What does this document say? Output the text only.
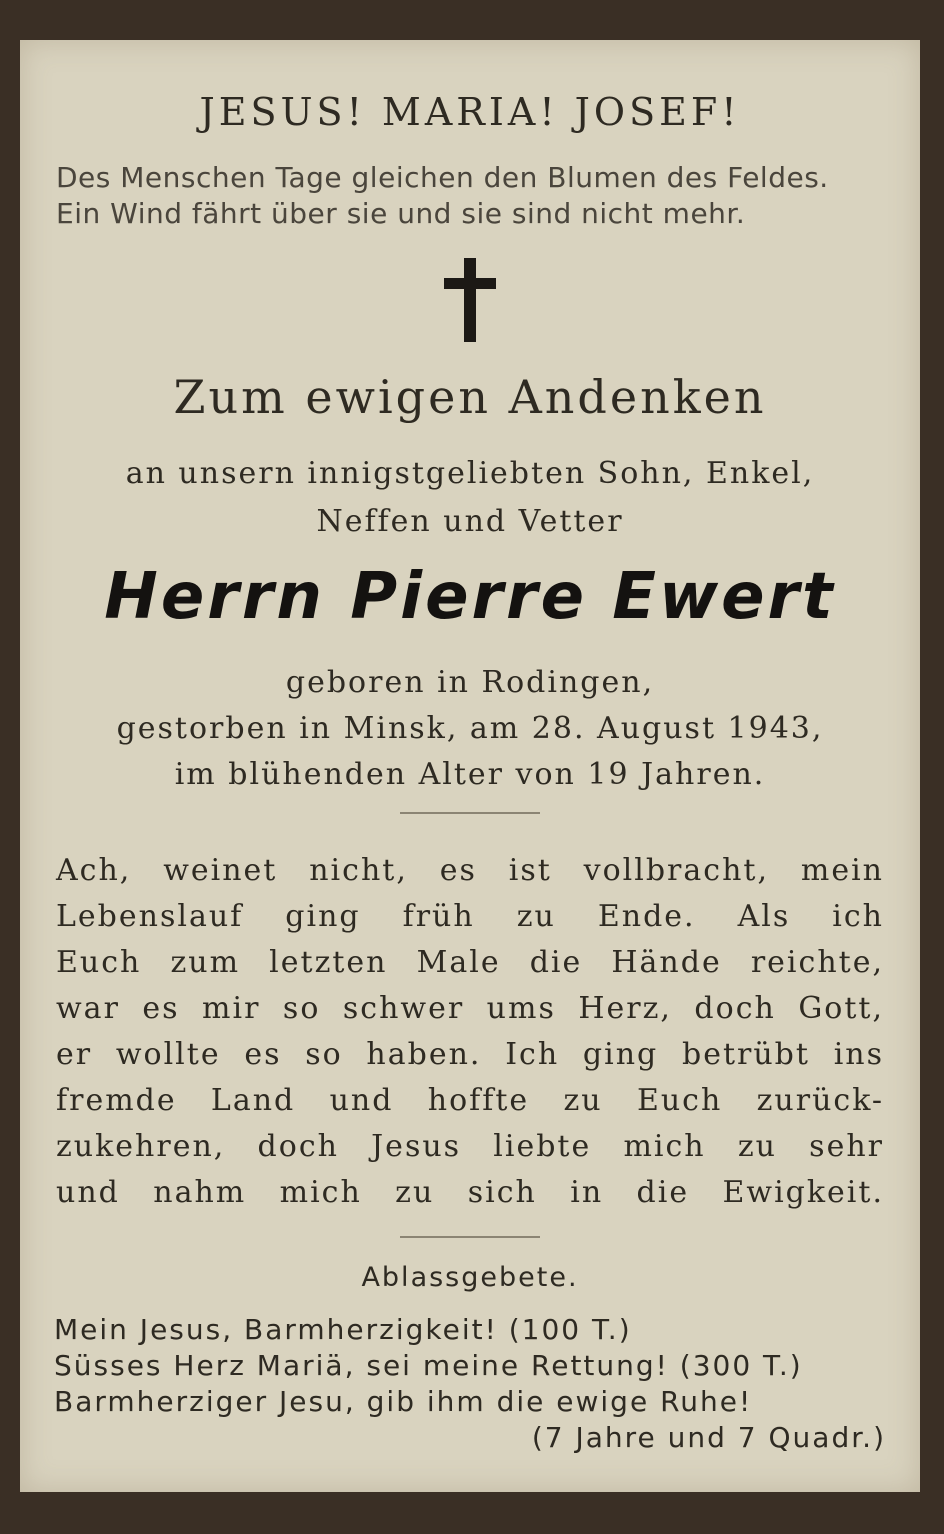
JESUS! MARIA! JOSEF!
Des Menschen Tage gleichen den Blumen des Feldes.
Ein Wind fährt über sie und sie sind nicht mehr.
Zum ewigen Andenken
an unsern innigstgeliebten Sohn, Enkel,
Neffen und Vetter
Herrn Pierre Ewert
geboren in Rodingen,
gestorben in Minsk, am 28. August 1943,
im blühenden Alter von 19 Jahren.
Ach, weinet nicht, es ist vollbracht, mein
Lebenslauf ging früh zu Ende. Als ich
Euch zum letzten Male die Hände reichte,
war es mir so schwer ums Herz, doch Gott,
er wollte es so haben. Ich ging betrübt ins
fremde Land und hoffte zu Euch zurück-
zukehren, doch Jesus liebte mich zu sehr
und nahm mich zu sich in die Ewigkeit.
Ablassgebete.
Mein Jesus, Barmherzigkeit! (100 T.)
Süsses Herz Mariä, sei meine Rettung! (300 T.)
Barmherziger Jesu, gib ihm die ewige Ruhe!
(7 Jahre und 7 Quadr.)
